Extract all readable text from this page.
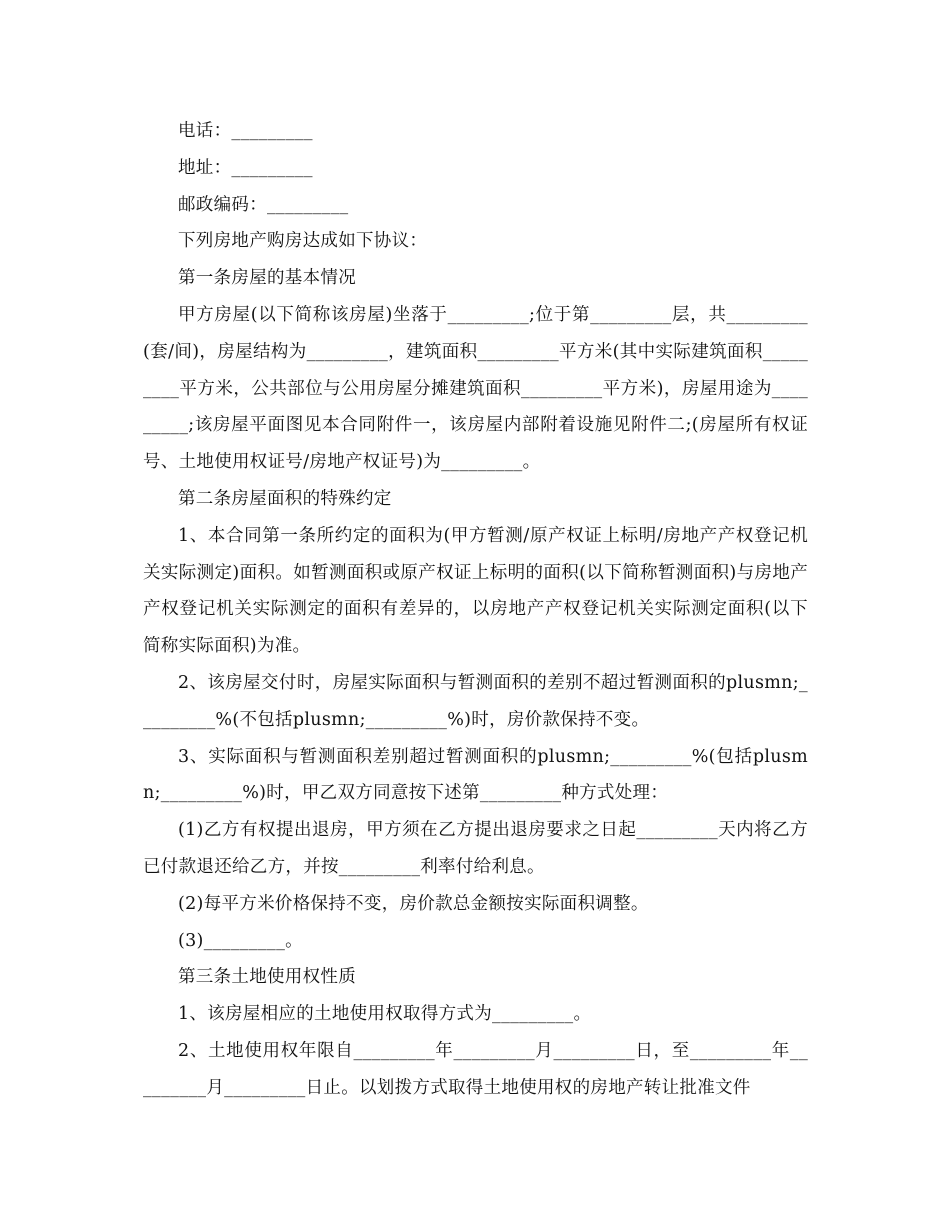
电话：_________

地址：_________

邮政编码：_________

下列房地产购房达成如下协议：

第一条房屋的基本情况

甲方房屋(以下简称该房屋)坐落于_________;位于第_________层，共_________(套/间)，房屋结构为_________，建筑面积_________平方米(其中实际建筑面积_________平方米，公共部位与公用房屋分摊建筑面积_________平方米)，房屋用途为_________;该房屋平面图见本合同附件一，该房屋内部附着设施见附件二;(房屋所有权证号、土地使用权证号/房地产权证号)为_________。

第二条房屋面积的特殊约定

1、本合同第一条所约定的面积为(甲方暂测/原产权证上标明/房地产产权登记机关实际测定)面积。如暂测面积或原产权证上标明的面积(以下简称暂测面积)与房地产产权登记机关实际测定的面积有差异的，以房地产产权登记机关实际测定面积(以下简称实际面积)为准。

2、该房屋交付时，房屋实际面积与暂测面积的差别不超过暂测面积的plusmn;_________%(不包括plusmn;_________%)时，房价款保持不变。

3、实际面积与暂测面积差别超过暂测面积的plusmn;_________%(包括plusmn;_________%)时，甲乙双方同意按下述第_________种方式处理：

(1)乙方有权提出退房，甲方须在乙方提出退房要求之日起_________天内将乙方已付款退还给乙方，并按_________利率付给利息。

(2)每平方米价格保持不变，房价款总金额按实际面积调整。

(3)_________。

第三条土地使用权性质

1、该房屋相应的土地使用权取得方式为_________。

2、土地使用权年限自_________年_________月_________日，至_________年_________月_________日止。以划拨方式取得土地使用权的房地产转让批准文件
